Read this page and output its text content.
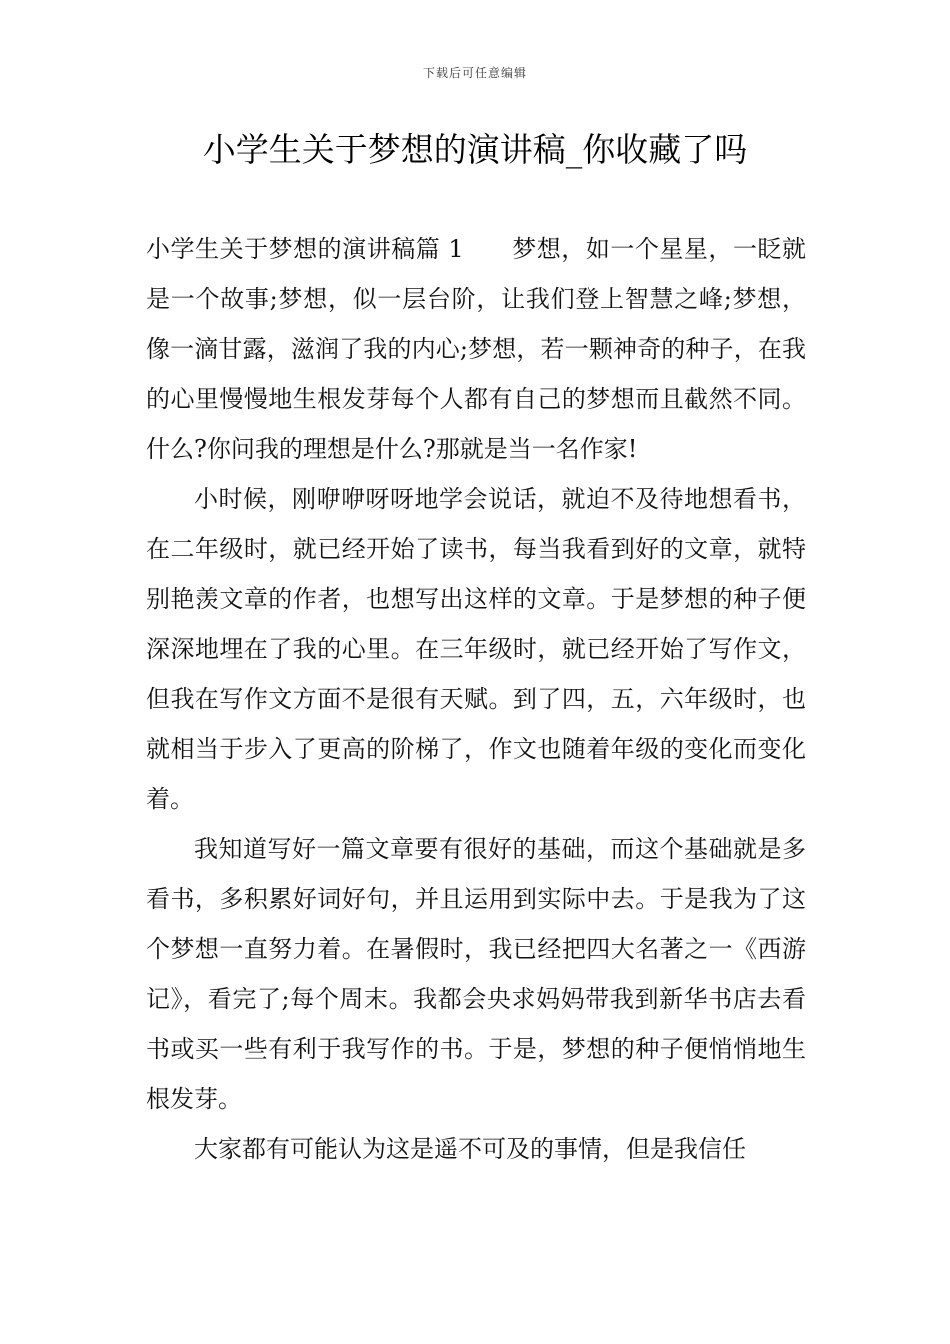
下载后可任意编辑
小学生关于梦想的演讲稿_你收藏了吗

小学生关于梦想的演讲稿篇 1 梦想，如一个星星，一眨就是一个故事;梦想，似一层台阶，让我们登上智慧之峰;梦想，像一滴甘露，滋润了我的内心;梦想，若一颗神奇的种子，在我的心里慢慢地生根发芽每个人都有自己的梦想而且截然不同。什么?你问我的理想是什么?那就是当一名作家!

小时候，刚咿咿呀呀地学会说话，就迫不及待地想看书，在二年级时，就已经开始了读书，每当我看到好的文章，就特别艳羡文章的作者，也想写出这样的文章。于是梦想的种子便深深地埋在了我的心里。在三年级时，就已经开始了写作文，但我在写作文方面不是很有天赋。到了四，五，六年级时，也就相当于步入了更高的阶梯了，作文也随着年级的变化而变化着。

我知道写好一篇文章要有很好的基础，而这个基础就是多看书，多积累好词好句，并且运用到实际中去。于是我为了这个梦想一直努力着。在暑假时，我已经把四大名著之一《西游记》，看完了;每个周末。我都会央求妈妈带我到新华书店去看书或买一些有利于我写作的书。于是，梦想的种子便悄悄地生根发芽。

大家都有可能认为这是遥不可及的事情，但是我信任
